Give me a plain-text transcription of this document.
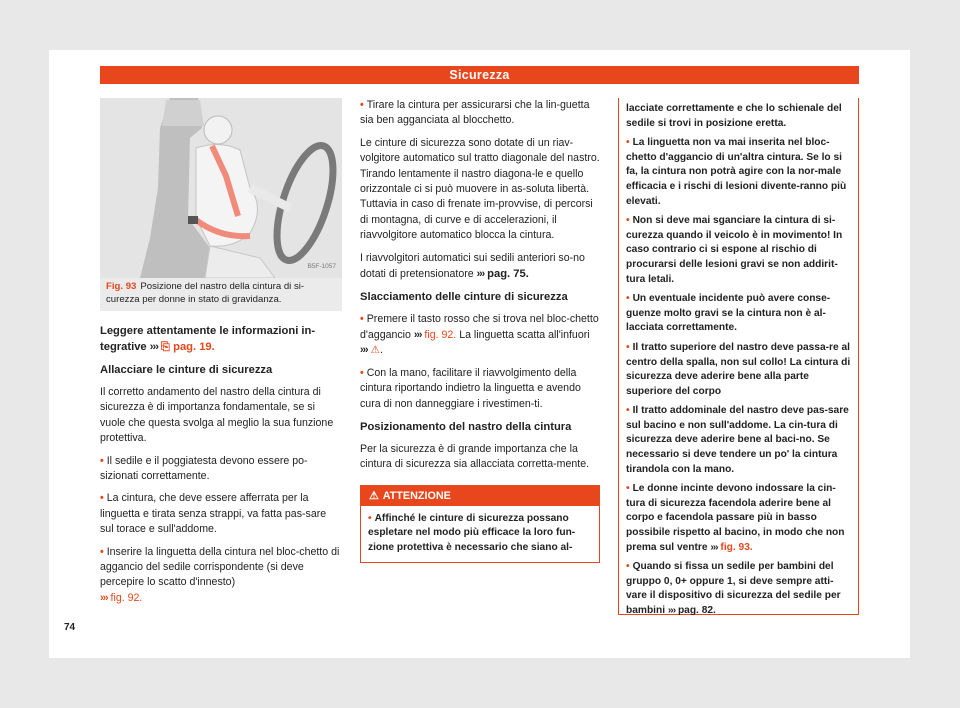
Sicurezza
B5F-1057
Fig. 93 Posizione del nastro della cintura di si-curezza per donne in stato di gravidanza.

Leggere attentamente le informazioni in-tegrative ››› ⎘ pag. 19.

Allacciare le cinture di sicurezza

Il corretto andamento del nastro della cintura di sicurezza è di importanza fondamentale, se si vuole che questa svolga al meglio la sua funzione protettiva.

• Il sedile e il poggiatesta devono essere po-sizionati correttamente.

• La cintura, che deve essere afferrata per la linguetta e tirata senza strappi, va fatta pas-sare sul torace e sull'addome.

• Inserire la linguetta della cintura nel bloc-chetto di aggancio del sedile corrispondente (si deve percepire lo scatto d'innesto)
››› fig. 92.

• Tirare la cintura per assicurarsi che la lin-guetta sia ben agganciata al blocchetto.

Le cinture di sicurezza sono dotate di un riav-volgitore automatico sul tratto diagonale del nastro. Tirando lentamente il nastro diagona-le e quello orizzontale ci si può muovere in as-soluta libertà. Tuttavia in caso di frenate im-provvise, di percorsi di montagna, di curve e di accelerazioni, il riavvolgitore automatico blocca la cintura.

I riavvolgitori automatici sui sedili anteriori so-no dotati di pretensionatore ››› pag. 75.

Slacciamento delle cinture di sicurezza

• Premere il tasto rosso che si trova nel bloc-chetto d'aggancio ››› fig. 92. La linguetta scatta all'infuori ››› ⚠.

• Con la mano, facilitare il riavvolgimento della cintura riportando indietro la linguetta e avendo cura di non danneggiare i rivestimen-ti.

Posizionamento del nastro della cintura

Per la sicurezza è di grande importanza che la cintura di sicurezza sia allacciata corretta-mente.

⚠ ATTENZIONE
• Affinché le cinture di sicurezza possano espletare nel modo più efficace la loro fun-zione protettiva è necessario che siano al-

lacciate correttamente e che lo schienale del sedile si trovi in posizione eretta.

• La linguetta non va mai inserita nel bloc-chetto d'aggancio di un'altra cintura. Se lo si fa, la cintura non potrà agire con la nor-male efficacia e i rischi di lesioni divente-ranno più elevati.

• Non si deve mai sganciare la cintura di si-curezza quando il veicolo è in movimento! In caso contrario ci si espone al rischio di procurarsi delle lesioni gravi se non addirit-tura letali.

• Un eventuale incidente può avere conse-guenze molto gravi se la cintura non è al-lacciata correttamente.

• Il tratto superiore del nastro deve passa-re al centro della spalla, non sul collo! La cintura di sicurezza deve aderire bene alla parte superiore del corpo

• Il tratto addominale del nastro deve pas-sare sul bacino e non sull'addome. La cin-tura di sicurezza deve aderire bene al baci-no. Se necessario si deve tendere un po' la cintura tirandola con la mano.

• Le donne incinte devono indossare la cin-tura di sicurezza facendola aderire bene al corpo e facendola passare più in basso possibile rispetto al bacino, in modo che non prema sul ventre ››› fig. 93.

• Quando si fissa un sedile per bambini del gruppo 0, 0+ oppure 1, si deve sempre atti-vare il dispositivo di sicurezza del sedile per bambini ››› pag. 82.

74
